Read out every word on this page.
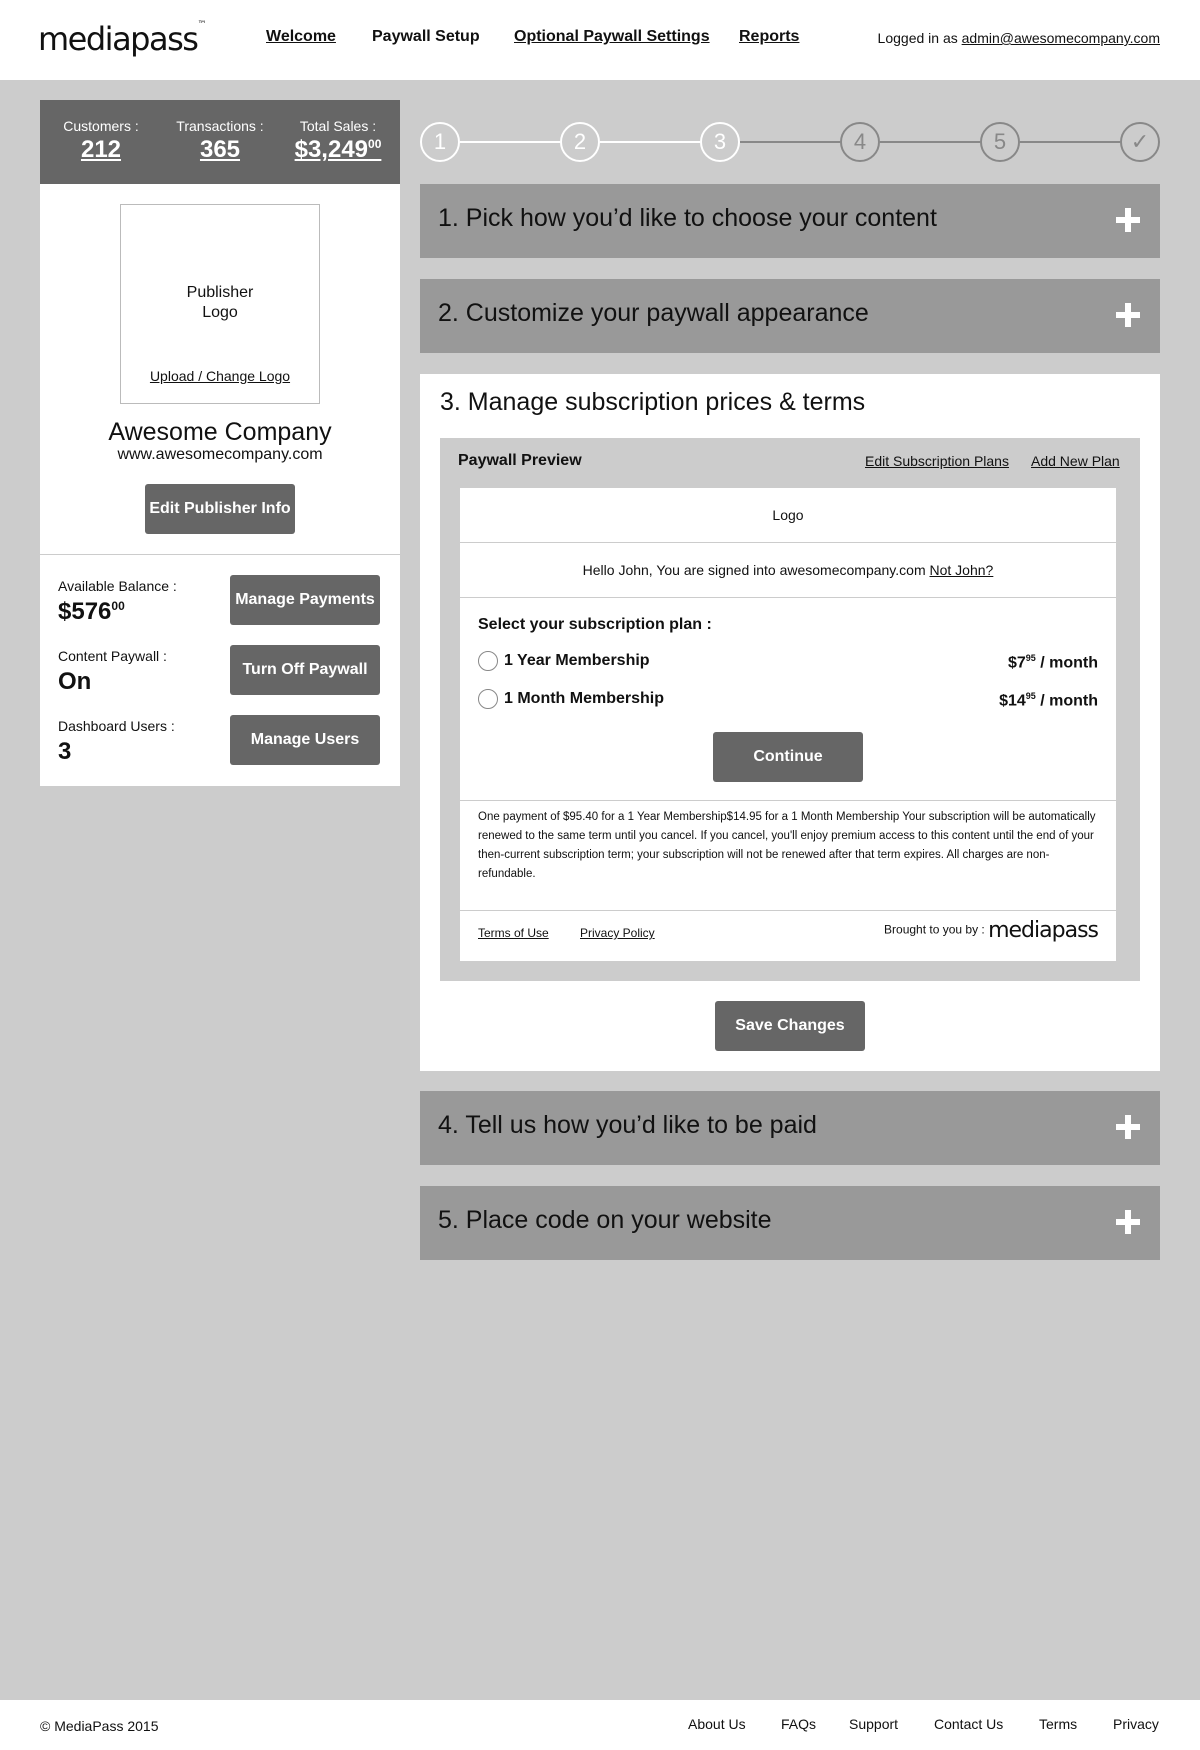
mediapass™
Welcome Paywall Setup Optional Paywall Settings Reports	Logged in as admin@awesomecompany.com
Customers :
212
Transactions :
365
Total Sales :
$3,249$^{00}$
Publisher
Logo
Upload / Change Logo
Awesome Company
www.awesomecompany.com
Edit Publisher Info
Available Balance :
$\$576^{00}$	Manage Payments
Content Paywall :
On	Turn Off Paywall
Dashboard Users :
3	Manage Users
1	2	3	4	5	✓
1. Pick how you’d like to choose your content
2. Customize your paywall appearance
3. Manage subscription prices & terms
Paywall Preview	Edit Subscription Plans Add New Plan
Logo
Hello John, You are signed into awesomecompany.com Not John?
Select your subscription plan :
1 Year Membership	$\$7^{95}$ / month
1 Month Membership	$\$14^{95}$ / month
Continue
One payment of $95.40 for a 1 Year Membership$14.95 for a 1 Month Membership Your subscription will be automatically renewed to the same term until you cancel. If you cancel, you'll enjoy premium access to this content until the end of your then-current subscription term; your subscription will not be renewed after that term expires. All charges are non-refundable.
Terms of Use	Privacy Policy	Brought to you by : mediapass
Save Changes
4. Tell us how you’d like to be paid
5. Place code on your website
© MediaPass 2015	About Us	FAQs Support	Contact Us	Terms	Privacy
